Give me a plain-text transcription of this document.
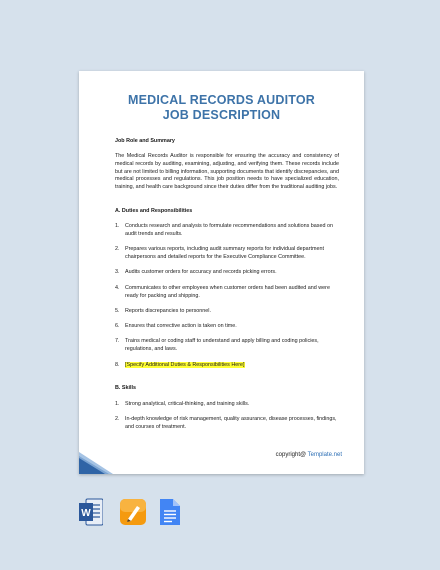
MEDICAL RECORDS AUDITOR
JOB DESCRIPTION
Job Role and Summary
The Medical Records Auditor is responsible for ensuring the accuracy and consistency of medical records by auditing, examining, adjusting, and verifying them. These records include but are not limited to billing information, supporting documents that identify discrepancies, and medical processes and regulations. This job position needs to have specialized education, training, and health care background since their duties differ from the traditional auditing jobs.
A. Duties and Responsibilities
1. Conducts research and analysis to formulate recommendations and solutions based on audit trends and results.
2. Prepares various reports, including audit summary reports for individual department chairpersons and detailed reports for the Executive Compliance Committee.
3. Audits customer orders for accuracy and records picking errors.
4. Communicates to other employees when customer orders had been audited and were ready for packing and shipping.
5. Reports discrepancies to personnel.
6. Ensures that corrective action is taken on time.
7. Trains medical or coding staff to understand and apply billing and coding policies, regulations, and laws.
8. [Specify Additional Duties & Responsibilities Here]
B. Skills
1. Strong analytical, critical-thinking, and training skills.
2. In-depth knowledge of risk management, quality assurance, disease processes, findings, and courses of treatment.
copyright@ Template.net
W
